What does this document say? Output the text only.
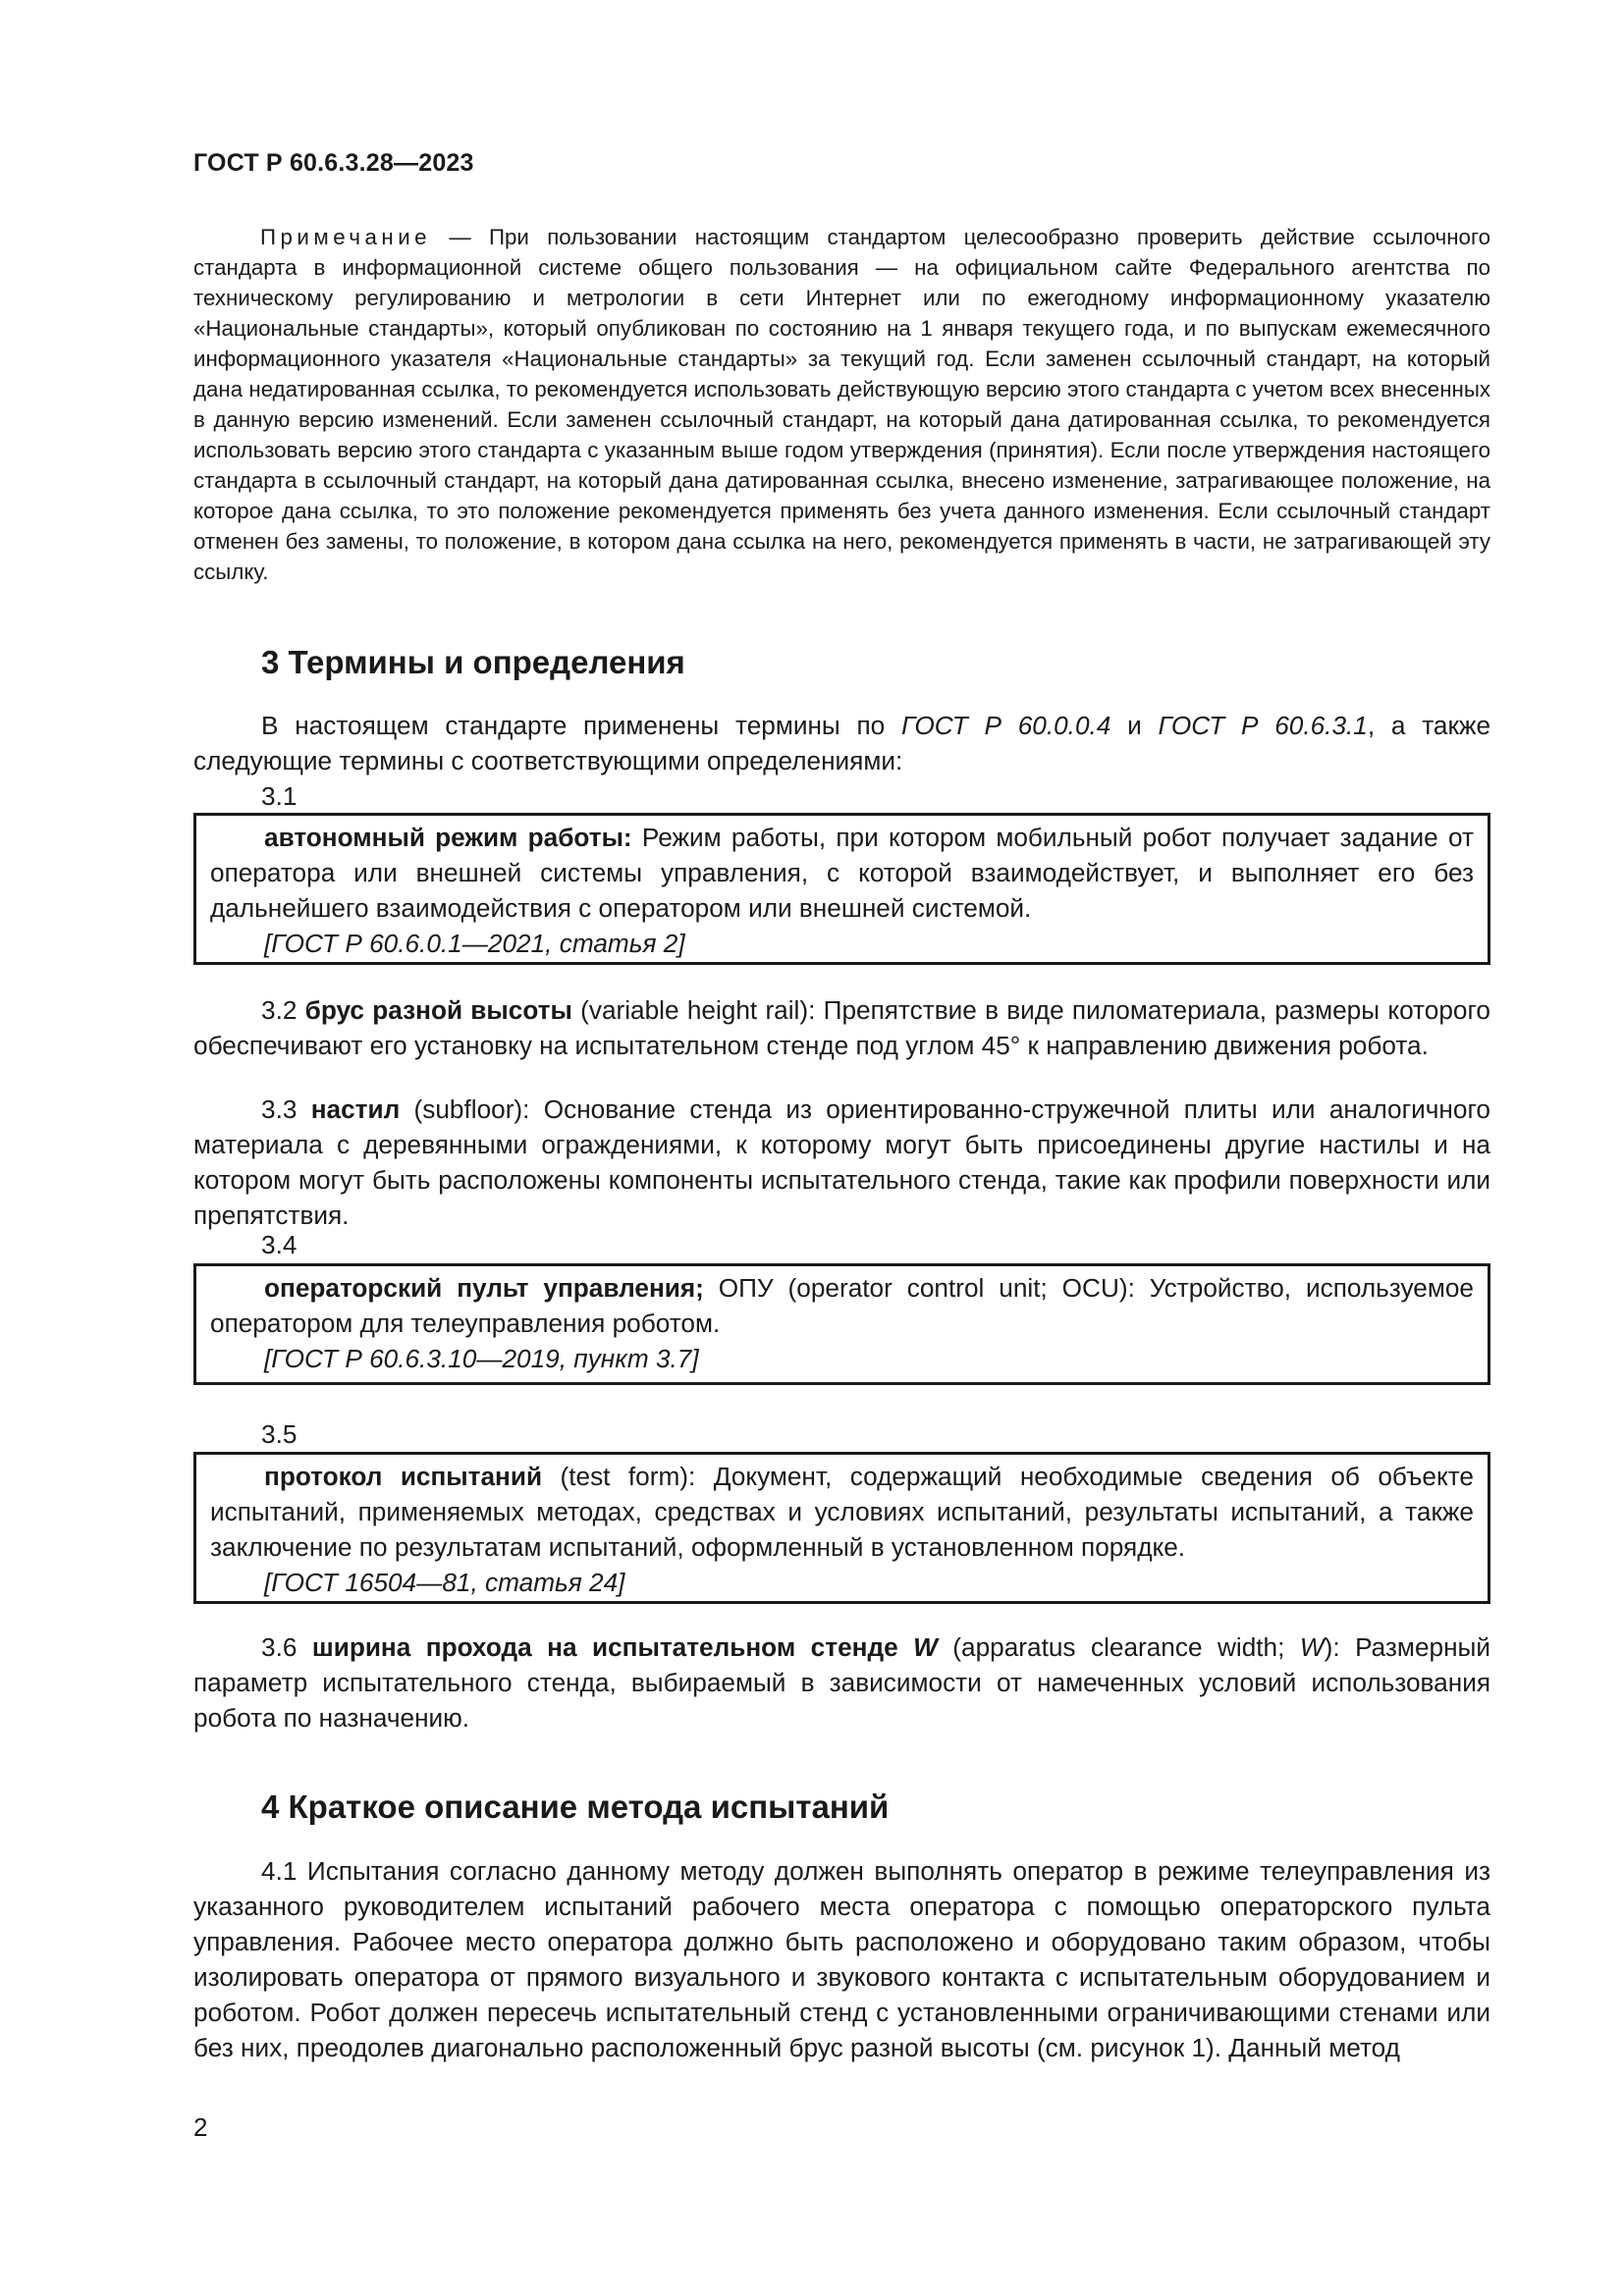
ГОСТ Р 60.6.3.28—2023
Примечание — При пользовании настоящим стандартом целесообразно проверить действие ссылочного стандарта в информационной системе общего пользования — на официальном сайте Федерального агентства по техническому регулированию и метрологии в сети Интернет или по ежегодному информационному указателю «Национальные стандарты», который опубликован по состоянию на 1 января текущего года, и по выпускам ежемесячного информационного указателя «Национальные стандарты» за текущий год. Если заменен ссылочный стандарт, на который дана недатированная ссылка, то рекомендуется использовать действующую версию этого стандарта с учетом всех внесенных в данную версию изменений. Если заменен ссылочный стандарт, на который дана датированная ссылка, то рекомендуется использовать версию этого стандарта с указанным выше годом утверждения (принятия). Если после утверждения настоящего стандарта в ссылочный стандарт, на который дана датированная ссылка, внесено изменение, затрагивающее положение, на которое дана ссылка, то это положение рекомендуется применять без учета данного изменения. Если ссылочный стандарт отменен без замены, то положение, в котором дана ссылка на него, рекомендуется применять в части, не затрагивающей эту ссылку.
3 Термины и определения
В настоящем стандарте применены термины по ГОСТ Р 60.0.0.4 и ГОСТ Р 60.6.3.1, а также следующие термины с соответствующими определениями:
3.1
автономный режим работы: Режим работы, при котором мобильный робот получает задание от оператора или внешней системы управления, с которой взаимодействует, и выполняет его без дальнейшего взаимодействия с оператором или внешней системой.
[ГОСТ Р 60.6.0.1—2021, статья 2]
3.2 брус разной высоты (variable height rail): Препятствие в виде пиломатериала, размеры которого обеспечивают его установку на испытательном стенде под углом 45° к направлению движения робота.
3.3 настил (subfloor): Основание стенда из ориентированно-стружечной плиты или аналогичного материала с деревянными ограждениями, к которому могут быть присоединены другие настилы и на котором могут быть расположены компоненты испытательного стенда, такие как профили поверхности или препятствия.
3.4
операторский пульт управления; ОПУ (operator control unit; OCU): Устройство, используемое оператором для телеуправления роботом.
[ГОСТ Р 60.6.3.10—2019, пункт 3.7]
3.5
протокол испытаний (test form): Документ, содержащий необходимые сведения об объекте испытаний, применяемых методах, средствах и условиях испытаний, результаты испытаний, а также заключение по результатам испытаний, оформленный в установленном порядке.
[ГОСТ 16504—81, статья 24]
3.6 ширина прохода на испытательном стенде W (apparatus clearance width; W): Размерный параметр испытательного стенда, выбираемый в зависимости от намеченных условий использования робота по назначению.
4 Краткое описание метода испытаний
4.1 Испытания согласно данному методу должен выполнять оператор в режиме телеуправления из указанного руководителем испытаний рабочего места оператора с помощью операторского пульта управления. Рабочее место оператора должно быть расположено и оборудовано таким образом, чтобы изолировать оператора от прямого визуального и звукового контакта с испытательным оборудованием и роботом. Робот должен пересечь испытательный стенд с установленными ограничивающими стенами или без них, преодолев диагонально расположенный брус разной высоты (см. рисунок 1). Данный метод
2
